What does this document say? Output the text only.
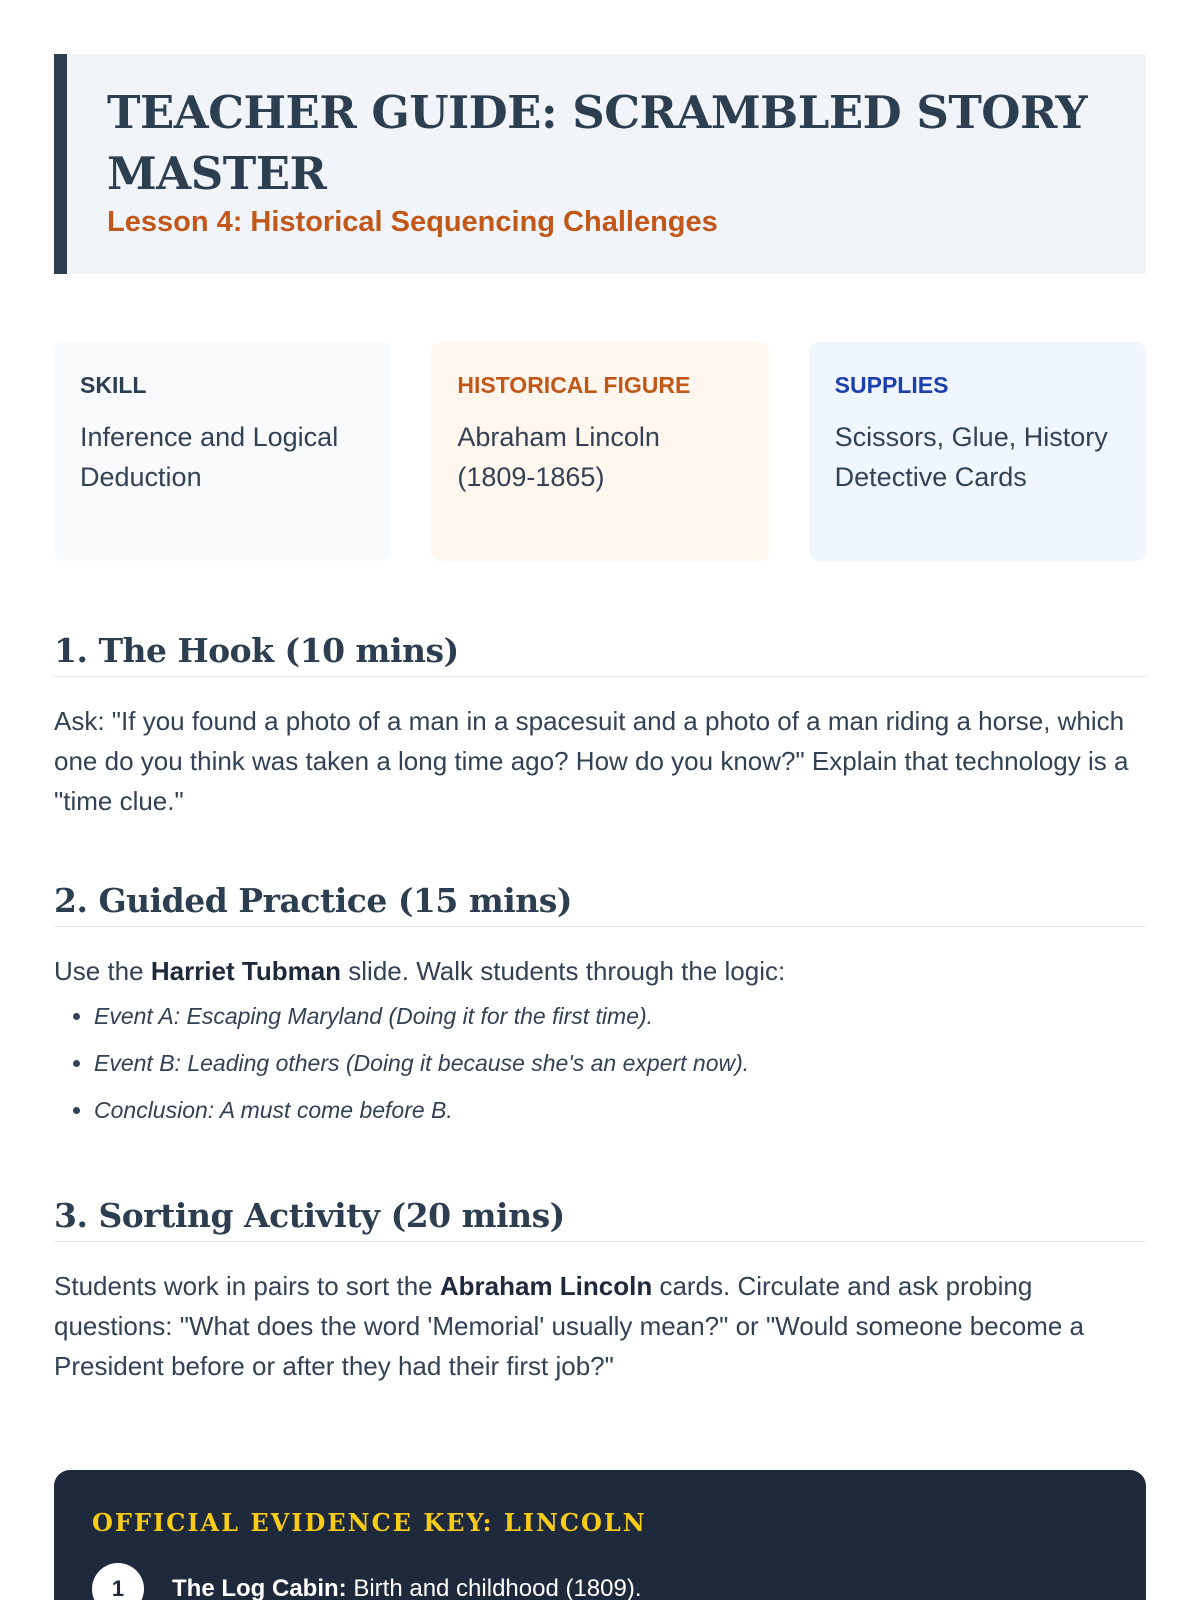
TEACHER GUIDE: SCRAMBLED STORY MASTER
Lesson 4: Historical Sequencing Challenges
SKILL
Inference and Logical Deduction
HISTORICAL FIGURE
Abraham Lincoln (1809-1865)
SUPPLIES
Scissors, Glue, History Detective Cards
1. The Hook (10 mins)

Ask: "If you found a photo of a man in a spacesuit and a photo of a man riding a horse, which one do you think was taken a long time ago? How do you know?" Explain that technology is a "time clue."

2. Guided Practice (15 mins)

Use the Harriet Tubman slide. Walk students through the logic:

• Event A: Escaping Maryland (Doing it for the first time).
• Event B: Leading others (Doing it because she's an expert now).
• Conclusion: A must come before B.
3. Sorting Activity (20 mins)

Students work in pairs to sort the Abraham Lincoln cards. Circulate and ask probing questions: "What does the word 'Memorial' usually mean?" or "Would someone become a President before or after they had their first job?"

OFFICIAL EVIDENCE KEY: LINCOLN
1	The Log Cabin: Birth and childhood (1809).
